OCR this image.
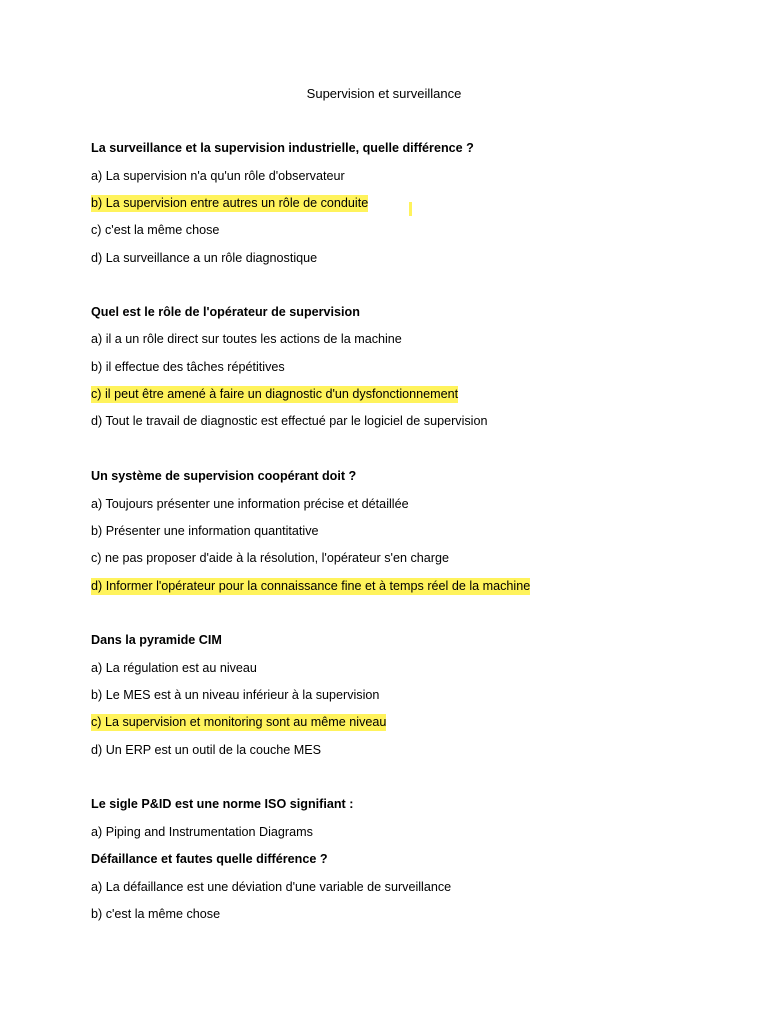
Supervision et surveillance
La surveillance et la supervision industrielle, quelle différence ?
a) La supervision n'a qu'un rôle d'observateur
b) La supervision entre autres un rôle de conduite
c) c'est la même chose
d) La surveillance a un rôle diagnostique
Quel est le rôle de l'opérateur de supervision
a) il a un rôle direct sur toutes les actions de la machine
b) il effectue des tâches répétitives
c) il peut être amené à faire un diagnostic d'un dysfonctionnement
d) Tout le travail de diagnostic est effectué par le logiciel de supervision
Un système de supervision coopérant doit ?
a) Toujours présenter une information précise et détaillée
b) Présenter une information quantitative
c) ne pas proposer d'aide à la résolution, l'opérateur s'en charge
d) Informer l'opérateur pour la connaissance fine et à temps réel de la machine
Dans la pyramide CIM
a) La régulation est au niveau
b) Le MES est à un niveau inférieur à la supervision
c) La supervision et monitoring sont au même niveau
d) Un ERP est un outil de la couche MES
Le sigle P&ID est une norme ISO signifiant :
a) Piping and Instrumentation Diagrams
Défaillance et fautes quelle différence ?
a) La défaillance est une déviation d'une variable de surveillance
b) c'est la même chose
